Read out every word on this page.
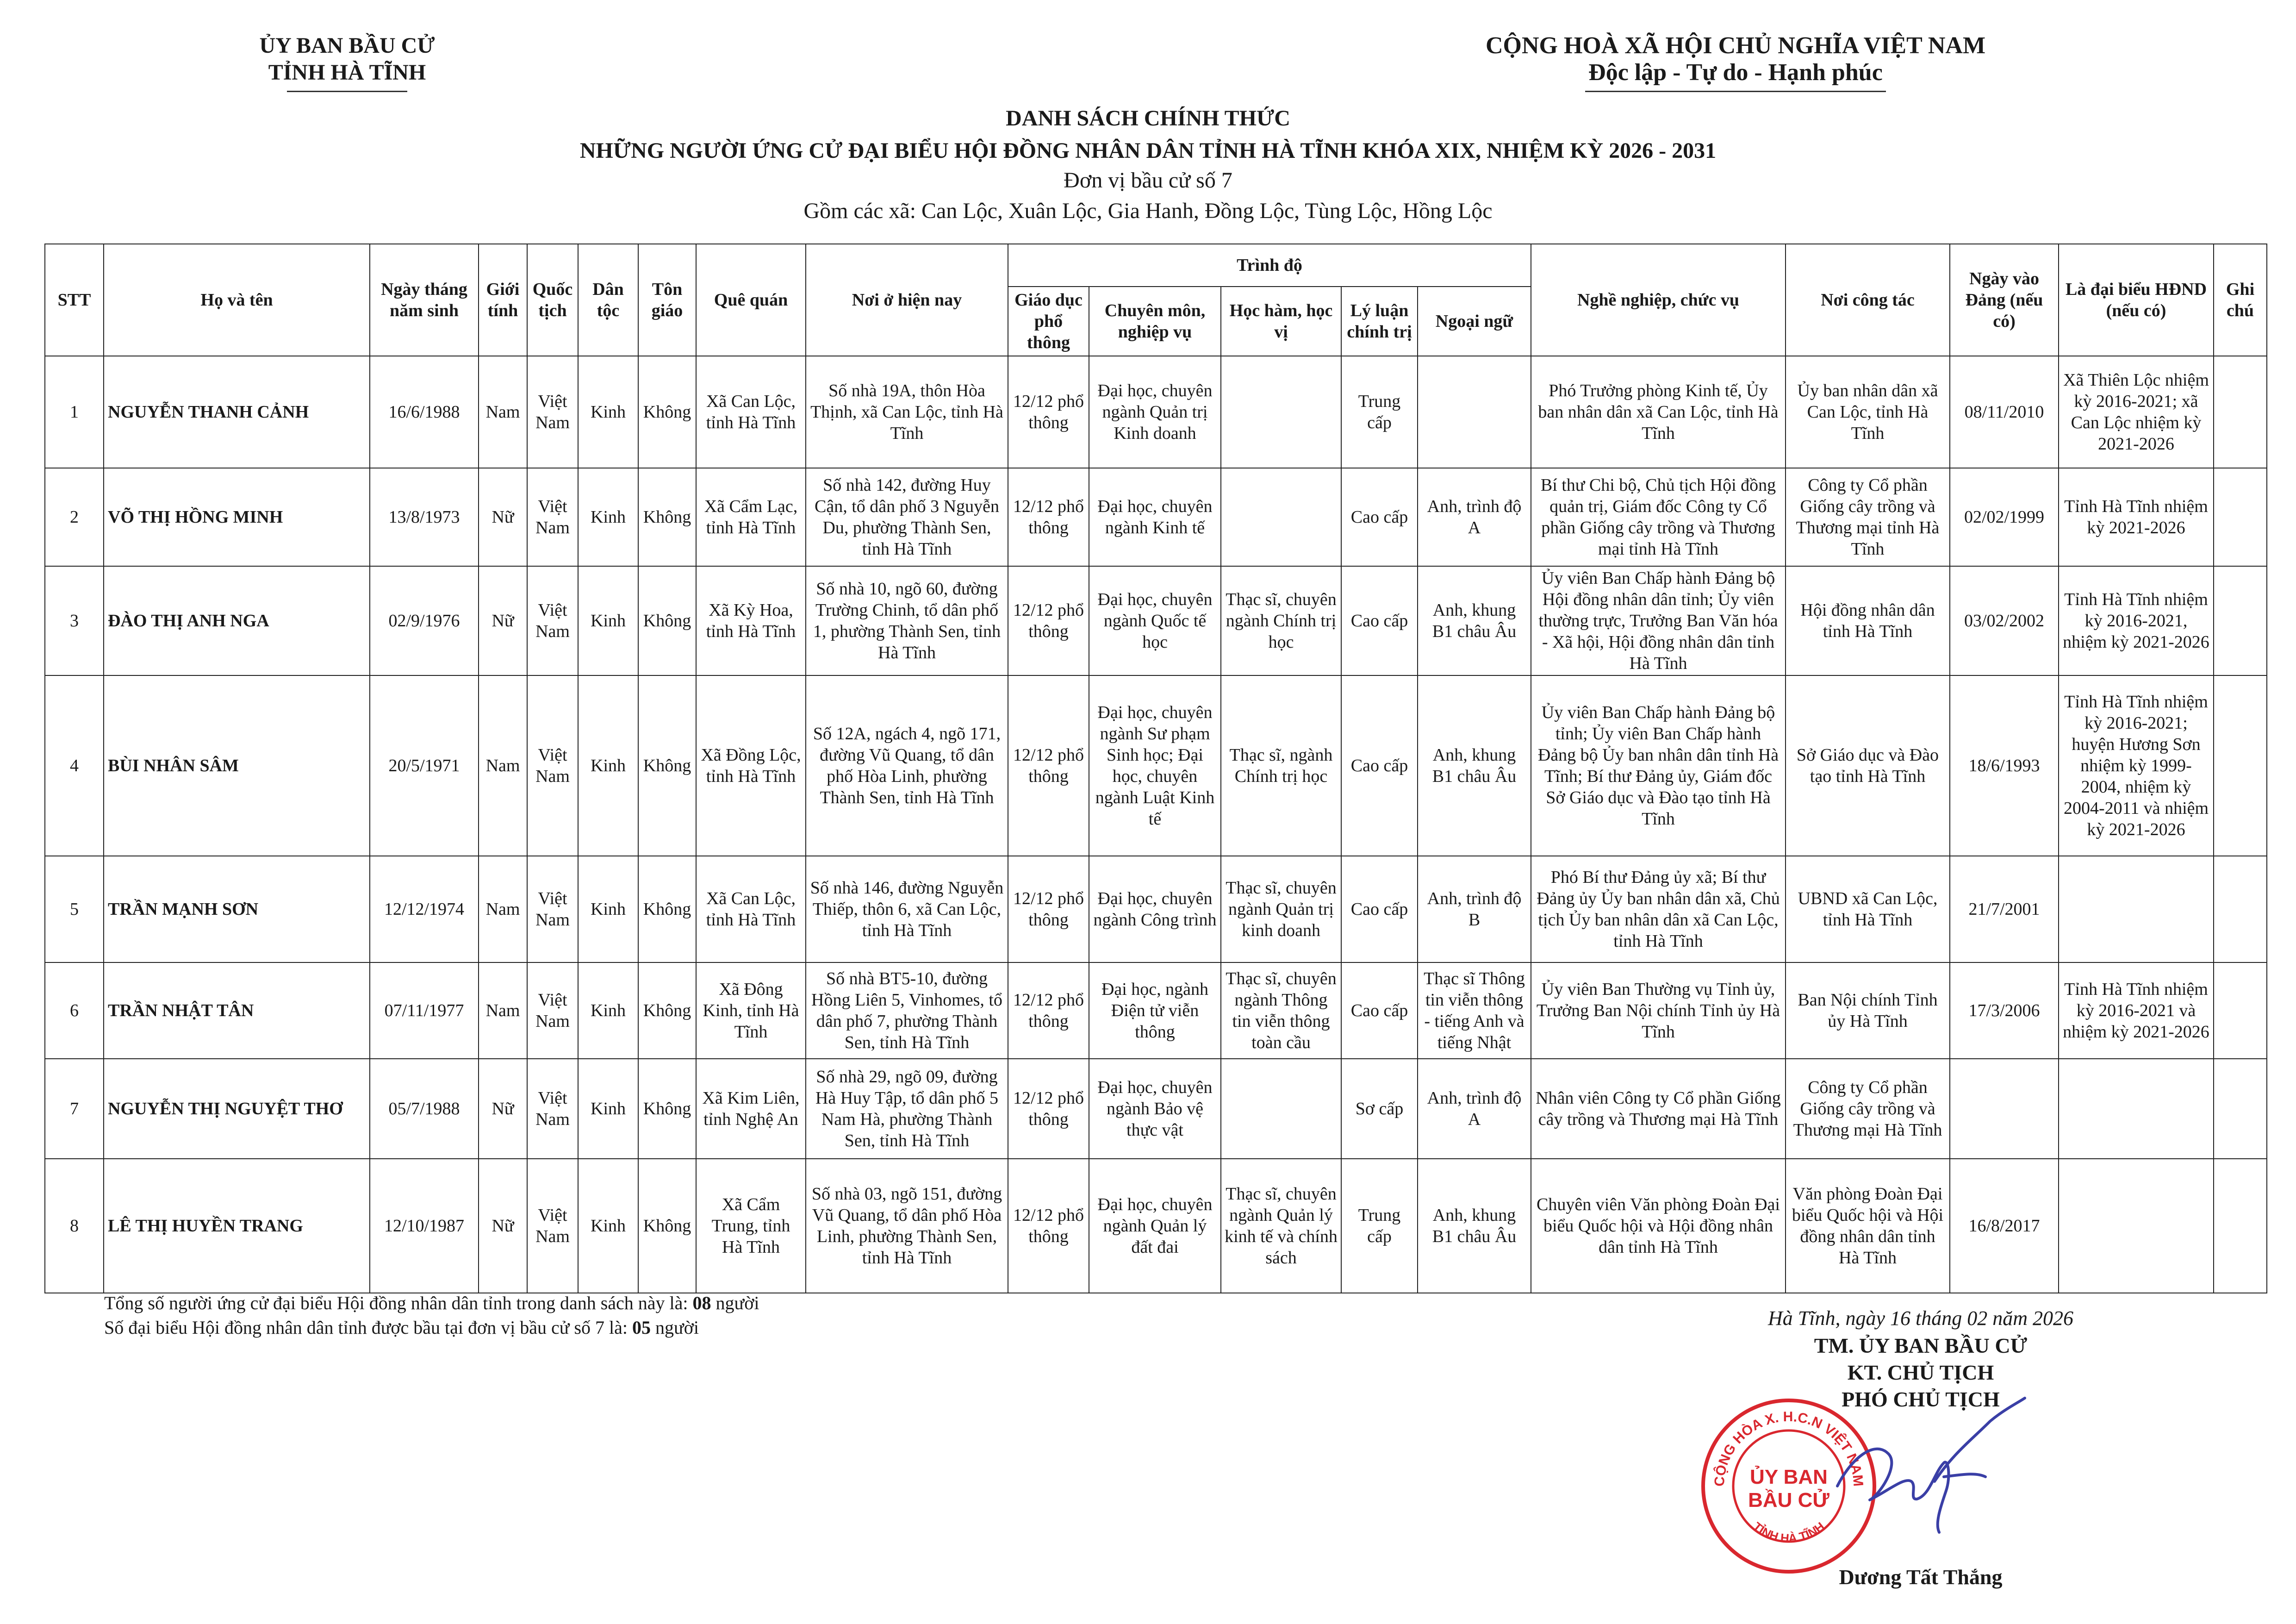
ỦY BAN BẦU CỬ
TỈNH HÀ TĨNH
CỘNG HOÀ XÃ HỘI CHỦ NGHĨA VIỆT NAM
Độc lập - Tự do - Hạnh phúc
DANH SÁCH CHÍNH THỨC
NHỮNG NGƯỜI ỨNG CỬ ĐẠI BIỂU HỘI ĐỒNG NHÂN DÂN TỈNH HÀ TĨNH KHÓA XIX, NHIỆM KỲ 2026 - 2031
Đơn vị bầu cử số 7
Gồm các xã: Can Lộc, Xuân Lộc, Gia Hanh, Đồng Lộc, Tùng Lộc, Hồng Lộc
STT	Họ và tên	Ngày tháng năm sinh	Giới tính	Quốc tịch	Dân tộc	Tôn giáo	Quê quán	Nơi ở hiện nay	Trình độ					Nghề nghiệp, chức vụ	Nơi công tác	Ngày vào Đảng (nếu có)	Là đại biểu HĐND (nếu có)	Ghi chú
									Giáo dục phổ thông	Chuyên môn, nghiệp vụ	Học hàm, học vị	Lý luận chính trị	Ngoại ngữ					
1	NGUYỄN THANH CẢNH	16/6/1988	Nam	Việt Nam	Kinh	Không	Xã Can Lộc, tỉnh Hà Tĩnh	Số nhà 19A, thôn Hòa Thịnh, xã Can Lộc, tỉnh Hà Tĩnh	12/12 phổ thông	Đại học, chuyên ngành Quản trị Kinh doanh		Trung cấp		Phó Trưởng phòng Kinh tế, Ủy ban nhân dân xã Can Lộc, tỉnh Hà Tĩnh	Ủy ban nhân dân xã Can Lộc, tỉnh Hà Tĩnh	08/11/2010	Xã Thiên Lộc nhiệm kỳ 2016-2021; xã Can Lộc nhiệm kỳ 2021-2026	
2	VÕ THỊ HỒNG MINH	13/8/1973	Nữ	Việt Nam	Kinh	Không	Xã Cẩm Lạc, tỉnh Hà Tĩnh	Số nhà 142, đường Huy Cận, tổ dân phố 3 Nguyễn Du, phường Thành Sen, tỉnh Hà Tĩnh	12/12 phổ thông	Đại học, chuyên ngành Kinh tế		Cao cấp	Anh, trình độ A	Bí thư Chi bộ, Chủ tịch Hội đồng quản trị, Giám đốc Công ty Cổ phần Giống cây trồng và Thương mại tỉnh Hà Tĩnh	Công ty Cổ phần Giống cây trồng và Thương mại tỉnh Hà Tĩnh	02/02/1999	Tỉnh Hà Tĩnh nhiệm kỳ 2021-2026	
3	ĐÀO THỊ ANH NGA	02/9/1976	Nữ	Việt Nam	Kinh	Không	Xã Kỳ Hoa, tỉnh Hà Tĩnh	Số nhà 10, ngõ 60, đường Trường Chinh, tổ dân phố 1, phường Thành Sen, tỉnh Hà Tĩnh	12/12 phổ thông	Đại học, chuyên ngành Quốc tế học	Thạc sĩ, chuyên ngành Chính trị học	Cao cấp	Anh, khung B1 châu Âu	Ủy viên Ban Chấp hành Đảng bộ Hội đồng nhân dân tỉnh; Ủy viên thường trực, Trưởng Ban Văn hóa - Xã hội, Hội đồng nhân dân tỉnh Hà Tĩnh	Hội đồng nhân dân tỉnh Hà Tĩnh	03/02/2002	Tỉnh Hà Tĩnh nhiệm kỳ 2016-2021, nhiệm kỳ 2021-2026	
4	BÙI NHÂN SÂM	20/5/1971	Nam	Việt Nam	Kinh	Không	Xã Đồng Lộc, tỉnh Hà Tĩnh	Số 12A, ngách 4, ngõ 171, đường Vũ Quang, tổ dân phố Hòa Linh, phường Thành Sen, tỉnh Hà Tĩnh	12/12 phổ thông	Đại học, chuyên ngành Sư phạm Sinh học; Đại học, chuyên ngành Luật Kinh tế	Thạc sĩ, ngành Chính trị học	Cao cấp	Anh, khung B1 châu Âu	Ủy viên Ban Chấp hành Đảng bộ tỉnh; Ủy viên Ban Chấp hành Đảng bộ Ủy ban nhân dân tỉnh Hà Tĩnh; Bí thư Đảng ủy, Giám đốc Sở Giáo dục và Đào tạo tỉnh Hà Tĩnh	Sở Giáo dục và Đào tạo tỉnh Hà Tĩnh	18/6/1993	Tỉnh Hà Tĩnh nhiệm kỳ 2016-2021; huyện Hương Sơn nhiệm kỳ 1999-2004, nhiệm kỳ 2004-2011 và nhiệm kỳ 2021-2026	
5	TRẦN MẠNH SƠN	12/12/1974	Nam	Việt Nam	Kinh	Không	Xã Can Lộc, tỉnh Hà Tĩnh	Số nhà 146, đường Nguyễn Thiếp, thôn 6, xã Can Lộc, tỉnh Hà Tĩnh	12/12 phổ thông	Đại học, chuyên ngành Công trình	Thạc sĩ, chuyên ngành Quản trị kinh doanh	Cao cấp	Anh, trình độ B	Phó Bí thư Đảng ủy xã; Bí thư Đảng ủy Ủy ban nhân dân xã, Chủ tịch Ủy ban nhân dân xã Can Lộc, tỉnh Hà Tĩnh	UBND xã Can Lộc, tỉnh Hà Tĩnh	21/7/2001		
6	TRẦN NHẬT TÂN	07/11/1977	Nam	Việt Nam	Kinh	Không	Xã Đông Kinh, tỉnh Hà Tĩnh	Số nhà BT5-10, đường Hồng Liên 5, Vinhomes, tổ dân phố 7, phường Thành Sen, tỉnh Hà Tĩnh	12/12 phổ thông	Đại học, ngành Điện tử viễn thông	Thạc sĩ, chuyên ngành Thông tin viễn thông toàn cầu	Cao cấp	Thạc sĩ Thông tin viễn thông - tiếng Anh và tiếng Nhật	Ủy viên Ban Thường vụ Tỉnh ủy, Trưởng Ban Nội chính Tỉnh ủy Hà Tĩnh	Ban Nội chính Tỉnh ủy Hà Tĩnh	17/3/2006	Tỉnh Hà Tĩnh nhiệm kỳ 2016-2021 và nhiệm kỳ 2021-2026	
7	NGUYỄN THỊ NGUYỆT THƠ	05/7/1988	Nữ	Việt Nam	Kinh	Không	Xã Kim Liên, tỉnh Nghệ An	Số nhà 29, ngõ 09, đường Hà Huy Tập, tổ dân phố 5 Nam Hà, phường Thành Sen, tỉnh Hà Tĩnh	12/12 phổ thông	Đại học, chuyên ngành Bảo vệ thực vật		Sơ cấp	Anh, trình độ A	Nhân viên Công ty Cổ phần Giống cây trồng và Thương mại Hà Tĩnh	Công ty Cổ phần Giống cây trồng và Thương mại Hà Tĩnh			
8	LÊ THỊ HUYỀN TRANG	12/10/1987	Nữ	Việt Nam	Kinh	Không	Xã Cẩm Trung, tỉnh Hà Tĩnh	Số nhà 03, ngõ 151, đường Vũ Quang, tổ dân phố Hòa Linh, phường Thành Sen, tỉnh Hà Tĩnh	12/12 phổ thông	Đại học, chuyên ngành Quản lý đất đai	Thạc sĩ, chuyên ngành Quản lý kinh tế và chính sách	Trung cấp	Anh, khung B1 châu Âu	Chuyên viên Văn phòng Đoàn Đại biểu Quốc hội và Hội đồng nhân dân tỉnh Hà Tĩnh	Văn phòng Đoàn Đại biểu Quốc hội và Hội đồng nhân dân tỉnh Hà Tĩnh	16/8/2017		
Tổng số người ứng cử đại biểu Hội đồng nhân dân tỉnh trong danh sách này là: 08 người
Số đại biểu Hội đồng nhân dân tỉnh được bầu tại đơn vị bầu cử số 7 là: 05 người	Hà Tĩnh, ngày 16 tháng 02 năm 2026
TM. ỦY BAN BẦU CỬ
KT. CHỦ TỊCH
PHÓ CHỦ TỊCH
CỘNG HÒA X. H.C.N VIỆT NAM
ỦY BAN
BẦU CỬ
TỈNH HÀ TĨNH
Dương Tất Thắng
